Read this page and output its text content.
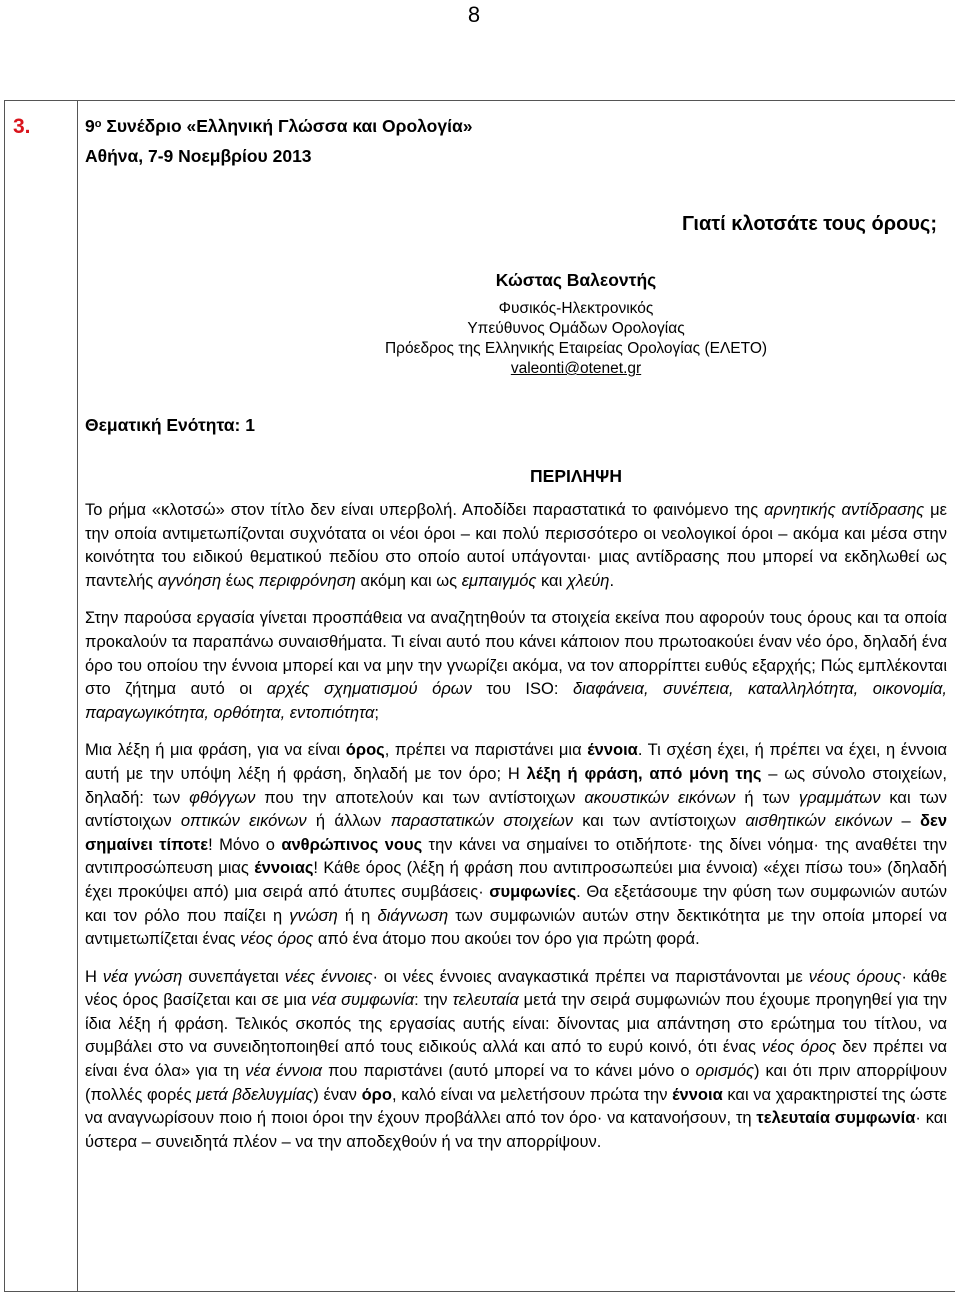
8
3.	$9^o$ Συνέδριο «Ελληνική Γλώσσα και Ορολογία»
Αθήνα, 7-9 Νοεμβρίου 2013
Γιατί κλοτσάτε τους όρους;
Κώστας Βαλεοντής
Φυσικός-Ηλεκτρονικός
Υπεύθυνος Ομάδων Ορολογίας
Πρόεδρος της Ελληνικής Εταιρείας Ορολογίας (ΕΛΕΤΟ)
valeonti@otenet.gr
Θεματική Ενότητα: 1
ΠΕΡΙΛΗΨΗ
Το ρήμα «κλοτσώ» στον τίτλο δεν είναι υπερβολή. Αποδίδει παραστατικά το φαινόμενο της αρνητικής αντίδρασης με την οποία αντιμετωπίζονται συχνότατα οι νέοι όροι – και πολύ περισσότερο οι νεολογικοί όροι – ακόμα και μέσα στην κοινότητα του ειδικού θεματικού πεδίου στο οποίο αυτοί υπάγονται· μιας αντίδρασης που μπορεί να εκδηλωθεί ως παντελής αγνόηση έως περιφρόνηση ακόμη και ως εμπαιγμός και χλεύη.
Στην παρούσα εργασία γίνεται προσπάθεια να αναζητηθούν τα στοιχεία εκείνα που αφορούν τους όρους και τα οποία προκαλούν τα παραπάνω συναισθήματα. Τι είναι αυτό που κάνει κάποιον που πρωτοακούει έναν νέο όρο, δηλαδή ένα όρο του οποίου την έννοια μπορεί και να μην την γνωρίζει ακόμα, να τον απορρίπτει ευθύς εξαρχής; Πώς εμπλέκονται στο ζήτημα αυτό οι αρχές σχηματισμού όρων του ISO: διαφάνεια, συνέπεια, καταλληλότητα, οικονομία, παραγωγικότητα, ορθότητα, εντοπιότητα;
Μια λέξη ή μια φράση, για να είναι όρος, πρέπει να παριστάνει μια έννοια. Τι σχέση έχει, ή πρέπει να έχει, η έννοια αυτή με την υπόψη λέξη ή φράση, δηλαδή με τον όρο; Η λέξη ή φράση, από μόνη της – ως σύνολο στοιχείων, δηλαδή: των φθόγγων που την αποτελούν και των αντίστοιχων ακουστικών εικόνων ή των γραμμάτων και των αντίστοιχων οπτικών εικόνων ή άλλων παραστατικών στοιχείων και των αντίστοιχων αισθητικών εικόνων – δεν σημαίνει τίποτε! Μόνο ο ανθρώπινος νους την κάνει να σημαίνει το οτιδήποτε· της δίνει νόημα· της αναθέτει την αντιπροσώπευση μιας έννοιας! Κάθε όρος (λέξη ή φράση που αντιπροσωπεύει μια έννοια) «έχει πίσω του» (δηλαδή έχει προκύψει από) μια σειρά από άτυπες συμβάσεις· συμφωνίες. Θα εξετάσουμε την φύση των συμφωνιών αυτών και τον ρόλο που παίζει η γνώση ή η διάγνωση των συμφωνιών αυτών στην δεκτικότητα με την οποία μπορεί να αντιμετωπίζεται ένας νέος όρος από ένα άτομο που ακούει τον όρο για πρώτη φορά.
Η νέα γνώση συνεπάγεται νέες έννοιες· οι νέες έννοιες αναγκαστικά πρέπει να παριστάνονται με νέους όρους· κάθε νέος όρος βασίζεται και σε μια νέα συμφωνία: την τελευταία μετά την σειρά συμφωνιών που έχουμε προηγηθεί για την ίδια λέξη ή φράση. Τελικός σκοπός της εργασίας αυτής είναι: δίνοντας μια απάντηση στο ερώτημα του τίτλου, να συμβάλει στο να συνειδητοποιηθεί από τους ειδικούς αλλά και από το ευρύ κοινό, ότι ένας νέος όρος δεν πρέπει να είναι ένα όλα» για τη νέα έννοια που παριστάνει (αυτό μπορεί να το κάνει μόνο ο ορισμός) και ότι πριν απορρίψουν (πολλές φορές μετά βδελυγμίας) έναν όρο, καλό είναι να μελετήσουν πρώτα την έννοια και να χαρακτηριστεί της ώστε να αναγνωρίσουν ποιο ή ποιοι όροι την έχουν προβάλλει από τον όρο· να κατανοήσουν, τη τελευταία συμφωνία· και ύστερα – συνειδητά πλέον – να την αποδεχθούν ή να την απορρίψουν.
